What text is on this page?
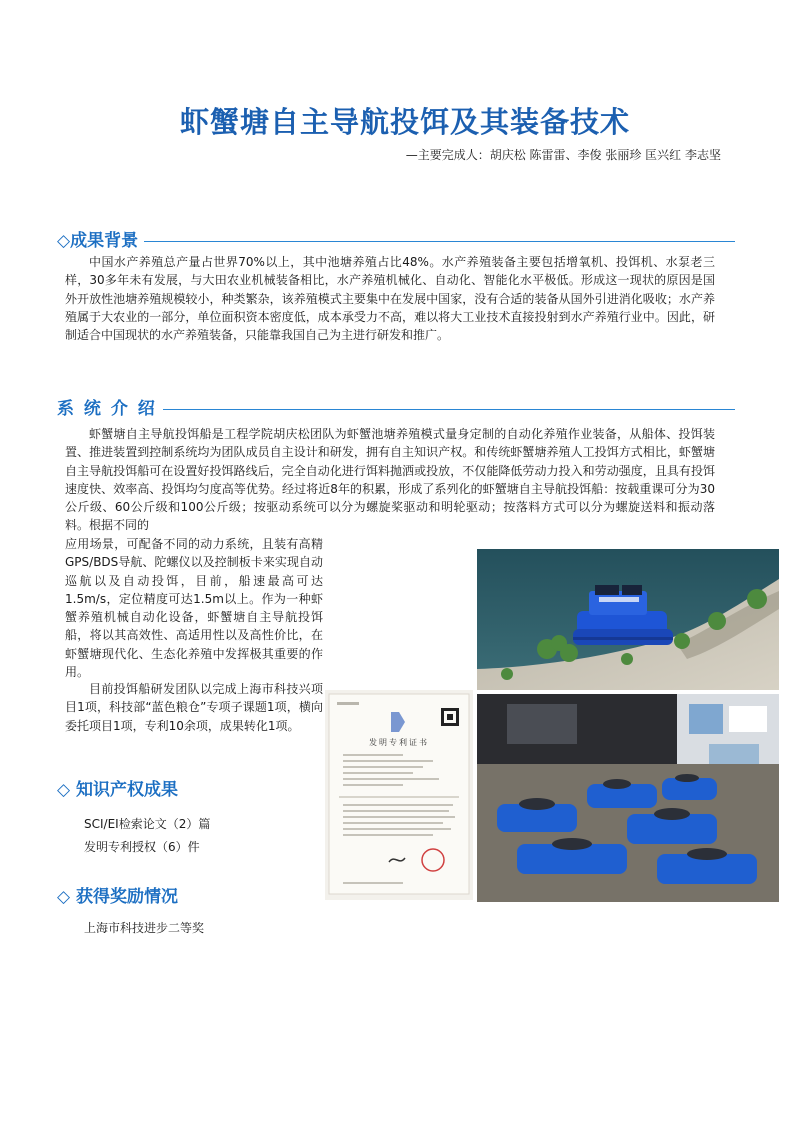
虾蟹塘自主导航投饵及其装备技术
—主要完成人：胡庆松 陈雷雷、李俊 张丽珍 匡兴红 李志坚
◇成果背景

中国水产养殖总产量占世界70%以上，其中池塘养殖占比48%。水产养殖装备主要包括增氧机、投饵机、水泵老三样，30多年未有发展，与大田农业机械装备相比，水产养殖机械化、自动化、智能化水平极低。形成这一现状的原因是国外开放性池塘养殖规模较小，种类繁杂，该养殖模式主要集中在发展中国家，没有合适的装备从国外引进消化吸收；水产养殖属于大农业的一部分，单位面积资本密度低，成本承受力不高，难以将大工业技术直接投射到水产养殖行业中。因此，研制适合中国现状的水产养殖装备，只能靠我国自己为主进行研发和推广。

系 统 介 绍

虾蟹塘自主导航投饵船是工程学院胡庆松团队为虾蟹池塘养殖模式量身定制的自动化养殖作业装备，从船体、投饵装置、推进装置到控制系统均为团队成员自主设计和研发，拥有自主知识产权。和传统虾蟹塘养殖人工投饵方式相比，虾蟹塘自主导航投饵船可在设置好投饵路线后，完全自动化进行饵料抛洒或投放，不仅能降低劳动力投入和劳动强度，且具有投饵速度快、效率高、投饵均匀度高等优势。经过将近8年的积累，形成了系列化的虾蟹塘自主导航投饵船：按载重课可分为30公斤级、60公斤级和100公斤级；按驱动系统可以分为螺旋桨驱动和明轮驱动；按落料方式可以分为螺旋送料和振动落料。根据不同的

应用场景，可配备不同的动力系统，且装有高精GPS/BDS导航、陀螺仪以及控制板卡来实现自动巡航以及自动投饵，目前，船速最高可达1.5m/s，定位精度可达1.5m以上。作为一种虾蟹养殖机械自动化设备，虾蟹塘自主导航投饵船，将以其高效性、高适用性以及高性价比，在虾蟹塘现代化、生态化养殖中发挥极其重要的作用。

目前投饵船研发团队以完成上海市科技兴项目1项，科技部“蓝色粮仓”专项子课题1项，横向委托项目1项，专利10余项，成果转化1项。

◇ 知识产权成果
SCI/EI检索论文（2）篇
发明专利授权（6）件
◇ 获得奖励情况
上海市科技进步二等奖
发明专利证书
